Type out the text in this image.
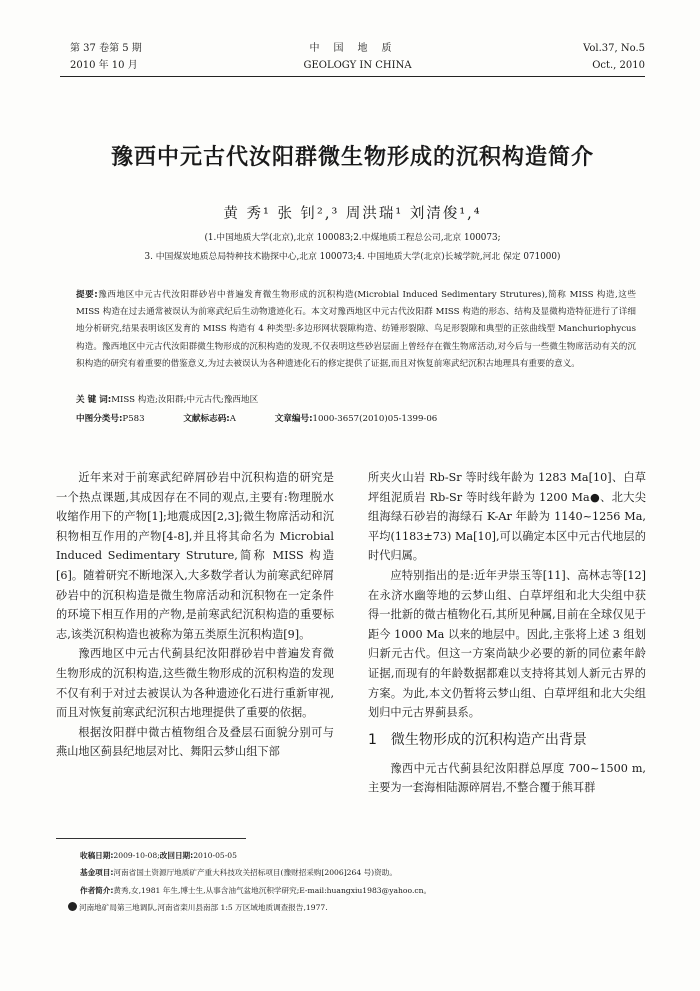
第 37 卷第 5 期
2010 年 10 月
中国地质
GEOLOGY IN CHINA
Vol.37, No.5
Oct., 2010
豫西中元古代汝阳群微生物形成的沉积构造简介
黄 秀¹ 张 钊²,³ 周洪瑞¹ 刘清俊¹,⁴
(1.中国地质大学(北京),北京 100083;2.中煤地质工程总公司,北京 100073;
3. 中国煤炭地质总局特种技术勘探中心,北京 100073;4. 中国地质大学(北京)长城学院,河北 保定 071000)
提要:豫西地区中元古代汝阳群砂岩中普遍发育微生物形成的沉积构造(Microbial Induced Sedimentary Strutures),简称 MISS 构造,这些 MISS 构造在过去通常被误认为前寒武纪后生动物遗迹化石。本文对豫西地区中元古代汝阳群 MISS 构造的形态、结构及显微构造特征进行了详细地分析研究,结果表明该区发育的 MISS 构造有 4 种类型:多边形网状裂隙构造、纺锤形裂隙、鸟足形裂隙和典型的正弦曲线型 Manchuriophycus 构造。豫西地区中元古代汝阳群微生物形成的沉积构造的发现,不仅表明这些砂岩层面上曾经存在微生物席活动,对今后与一些微生物席活动有关的沉积构造的研究有着重要的借鉴意义,为过去被误认为各种遗迹化石的修定提供了证据,而且对恢复前寒武纪沉积古地理具有重要的意义。
关 键 词:MISS 构造;汝阳群;中元古代;豫西地区
中图分类号:P583	文献标志码:A	文章编号:1000-3657(2010)05-1399-06

近年来对于前寒武纪碎屑砂岩中沉积构造的研究是一个热点课题,其成因存在不同的观点,主要有:物理脱水收缩作用下的产物[1];地震成因[2,3];微生物席活动和沉积物相互作用的产物[4-8],并且将其命名为 Microbial Induced Sedimentary Struture,简称 MISS 构造[6]。随着研究不断地深入,大多数学者认为前寒武纪碎屑砂岩中的沉积构造是微生物席活动和沉积物在一定条件的环境下相互作用的产物,是前寒武纪沉积构造的重要标志,该类沉积构造也被称为第五类原生沉积构造[9]。

豫西地区中元古代蓟县纪汝阳群砂岩中普遍发育微生物形成的沉积构造,这些微生物形成的沉积构造的发现不仅有利于对过去被误认为各种遗迹化石进行重新审视,而且对恢复前寒武纪沉积古地理提供了重要的依据。

根据汝阳群中微古植物组合及叠层石面貌分别可与燕山地区蓟县纪地层对比、舞阳云梦山组下部

所夹火山岩 Rb-Sr 等时线年龄为 1283 Ma[10]、白草坪组泥质岩 Rb-Sr 等时线年龄为 1200 Ma●、北大尖组海绿石砂岩的海绿石 K-Ar 年龄为 1140~1256 Ma,平均(1183±73) Ma[10],可以确定本区中元古代地层的时代归属。

应特别指出的是:近年尹崇玉等[11]、高林志等[12]在永济水幽等地的云梦山组、白草坪组和北大尖组中获得一批新的微古植物化石,其所见种属,目前在全球仅见于距今 1000 Ma 以来的地层中。因此,主张将上述 3 组划归新元古代。但这一方案尚缺少必要的新的同位素年龄证据,而现有的年龄数据都难以支持将其划人新元古界的方案。为此,本文仍暂将云梦山组、白草坪组和北大尖组划归中元古界蓟县系。

1 微生物形成的沉积构造产出背景

豫西中元古代蓟县纪汝阳群总厚度 700~1500 m,主要为一套海相陆源碎屑岩,不整合覆于熊耳群

收稿日期:2009-10-08;改回日期:2010-05-05
基金项目:河南省国土资源厅地质矿产重大科技攻关招标项目(豫财招采购[2006]264 号)资助。
作者简介:黄秀,女,1981 年生,博士生,从事含油气盆地沉积学研究;E-mail:huangxiu1983@yahoo.cn。
河南地矿局第三地调队,河南省栾川县南部 1:5 万区域地质调查报告,1977.
